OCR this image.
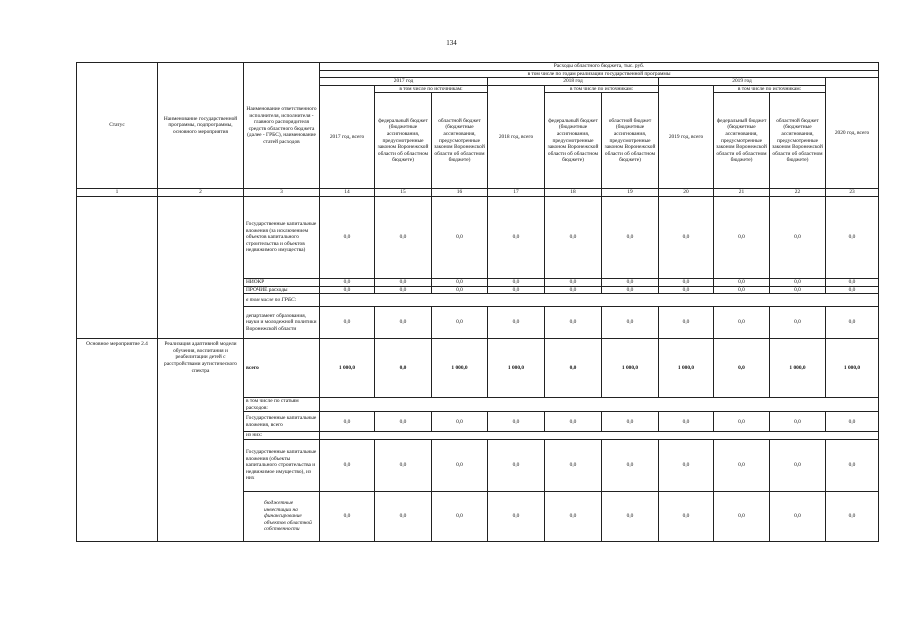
134
Статус	Наименование государственной программы, подпрограммы, основного мероприятия	Наименование ответственного исполнителя, исполнителя - главного распорядителя средств областного бюджета (далее - ГРБС), наименование статей расходов	Расходы областного бюджета, тыс. руб.									
			в том числе по годам реализации государственной программы									
			2017 год			2018 год			2019 год			2020 год, всего
			2017 год, всего	в том числе по источникам:		2018 год, всего	в том числе по источникам:		2019 год, всего	в том числе по источникам:		
				федеральный бюджет (бюджетные ассигнования, предусмотренные законом Воронежской области об областном бюджете)	областной бюджет (бюджетные ассигнования, предусмотренные законом Воронежской области об областном бюджете)		федеральный бюджет (бюджетные ассигнования, предусмотренные законом Воронежской области об областном бюджете)	областной бюджет (бюджетные ассигнования, предусмотренные законом Воронежской области об областном бюджете)		федеральный бюджет (бюджетные ассигнования, предусмотренные законом Воронежской области об областном бюджете)	областной бюджет (бюджетные ассигнования, предусмотренные законом Воронежской области об областном бюджете)	
1	2	3	14	15	16	17	18	19	20	21	22	23
		Государственные капитальные вложения (за исключением объектов капитального строительства и объектов недвижимого имущества)	0,0	0,0	0,0	0,0	0,0	0,0	0,0	0,0	0,0	0,0
		НИОКР	0,0	0,0	0,0	0,0	0,0	0,0	0,0	0,0	0,0	0,0
		ПРОЧИЕ расходы	0,0	0,0	0,0	0,0	0,0	0,0	0,0	0,0	0,0	0,0
		в том числе по ГРБС:										
		департамент образования, науки и молодежной политики Воронежской области	0,0	0,0	0,0	0,0	0,0	0,0	0,0	0,0	0,0	0,0
Основное мероприятие 2.4	Реализация адаптивной модели обучения, воспитания и реабилитации детей с расстройствами аутистического спектра	всего	1 000,0	0,0	1 000,0	1 000,0	0,0	1 000,0	1 000,0	0,0	1 000,0	1 000,0
		в том числе по статьям расходов:										
		Государственные капитальные вложения, всего	0,0	0,0	0,0	0,0	0,0	0,0	0,0	0,0	0,0	0,0
		из них:										
		Государственные капитальные вложения (объекты капитального строительства и недвижимое имущество), из них	0,0	0,0	0,0	0,0	0,0	0,0	0,0	0,0	0,0	0,0
		бюджетные инвестиции на финансирование объектов областной собственности	0,0	0,0	0,0	0,0	0,0	0,0	0,0	0,0	0,0	0,0
